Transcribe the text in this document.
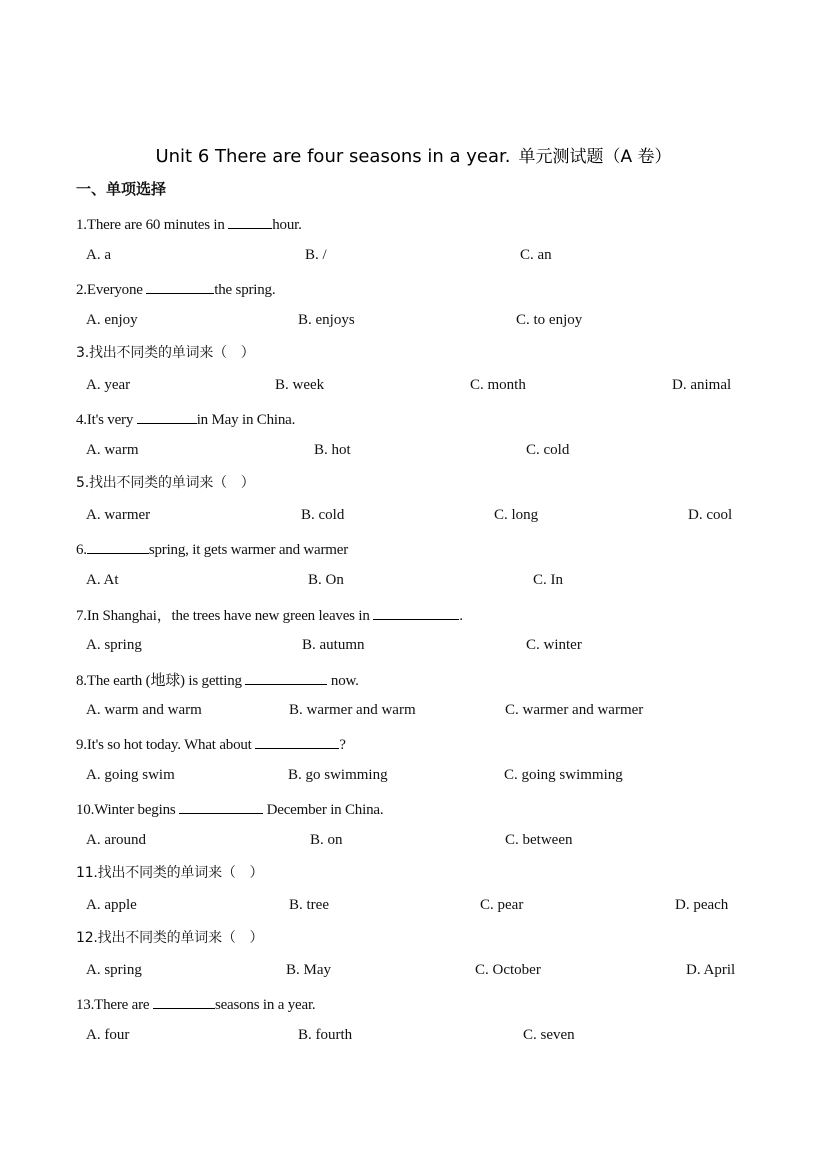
Unit 6 There are four seasons in a year. 单元测试题（A 卷）
一、单项选择
1.There are 60 minutes in	hour.
A. a	B. /	C. an
2.Everyone	the spring.
A. enjoy	B. enjoys	C. to enjoy
3.找出不同类的单词来（　）
A. year	B. week	C. month	D. animal
4.It's very	in May in China.
A. warm	B. hot	C. cold
5.找出不同类的单词来（　）
A. warmer	B. cold	C. long	D. cool
6.	spring, it gets warmer and warmer
A. At	B. On	C. In
7.In Shanghai，the trees have new green leaves in	.
A. spring	B. autumn	C. winter
8.The earth (地球) is getting	now.
A. warm and warm	B. warmer and warm	C. warmer and warmer
9.It's so hot today. What about	?
A. going swim	B. go swimming	C. going swimming
10.Winter begins	December in China.
A. around	B. on	C. between
11.找出不同类的单词来（　）
A. apple	B. tree	C. pear	D. peach
12.找出不同类的单词来（　）
A. spring	B. May	C. October	D. April
13.There are	seasons in a year.
A. four	B. fourth	C. seven
